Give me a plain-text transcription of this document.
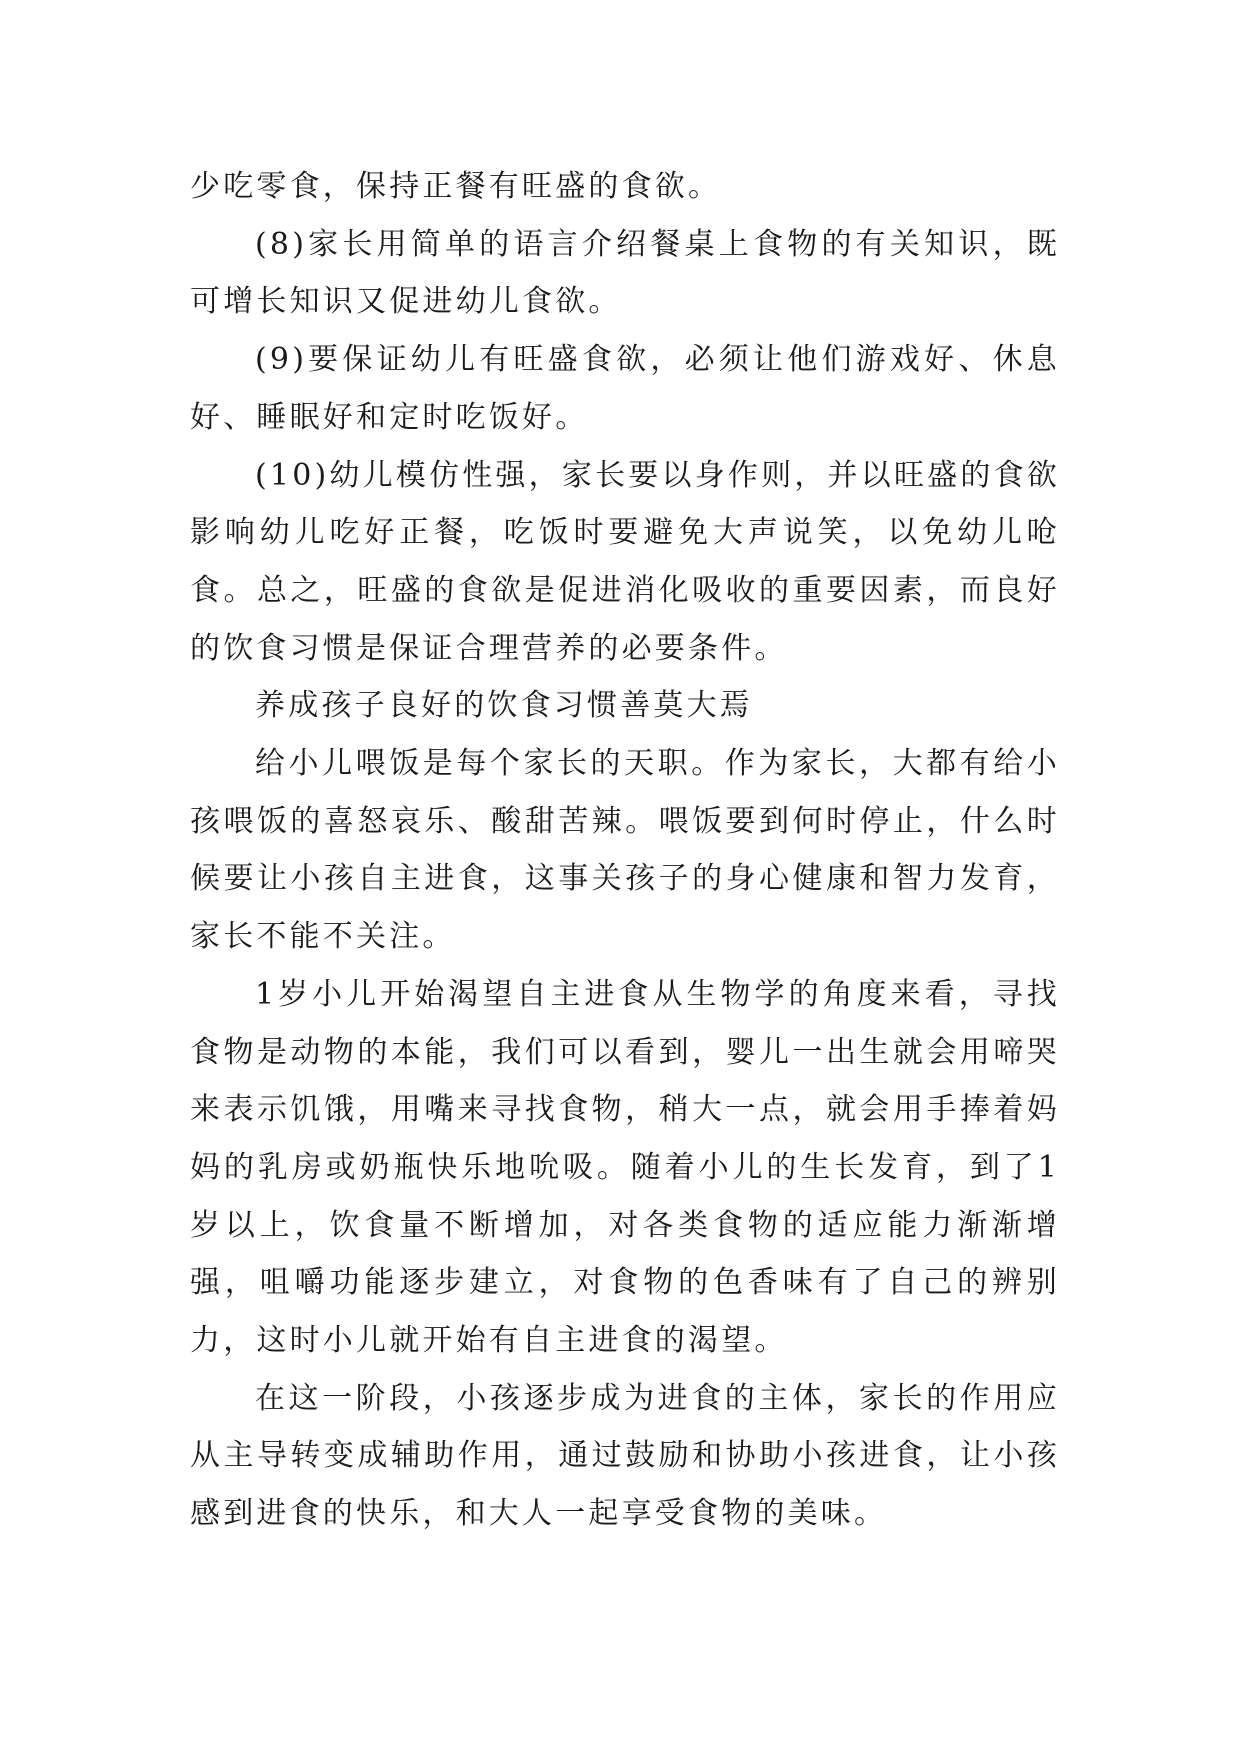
少吃零食，保持正餐有旺盛的食欲。

(8)家长用简单的语言介绍餐桌上食物的有关知识，既可增长知识又促进幼儿食欲。

(9)要保证幼儿有旺盛食欲，必须让他们游戏好、休息好、睡眠好和定时吃饭好。

(10)幼儿模仿性强，家长要以身作则，并以旺盛的食欲影响幼儿吃好正餐，吃饭时要避免大声说笑，以免幼儿呛食。总之，旺盛的食欲是促进消化吸收的重要因素，而良好的饮食习惯是保证合理营养的必要条件。

养成孩子良好的饮食习惯善莫大焉

给小儿喂饭是每个家长的天职。作为家长，大都有给小孩喂饭的喜怒哀乐、酸甜苦辣。喂饭要到何时停止，什么时候要让小孩自主进食，这事关孩子的身心健康和智力发育，家长不能不关注。

1岁小儿开始渴望自主进食从生物学的角度来看，寻找食物是动物的本能，我们可以看到，婴儿一出生就会用啼哭来表示饥饿，用嘴来寻找食物，稍大一点，就会用手捧着妈妈的乳房或奶瓶快乐地吮吸。随着小儿的生长发育，到了1岁以上，饮食量不断增加，对各类食物的适应能力渐渐增强，咀嚼功能逐步建立，对食物的色香味有了自己的辨别力，这时小儿就开始有自主进食的渴望。

在这一阶段，小孩逐步成为进食的主体，家长的作用应从主导转变成辅助作用，通过鼓励和协助小孩进食，让小孩感到进食的快乐，和大人一起享受食物的美味。
